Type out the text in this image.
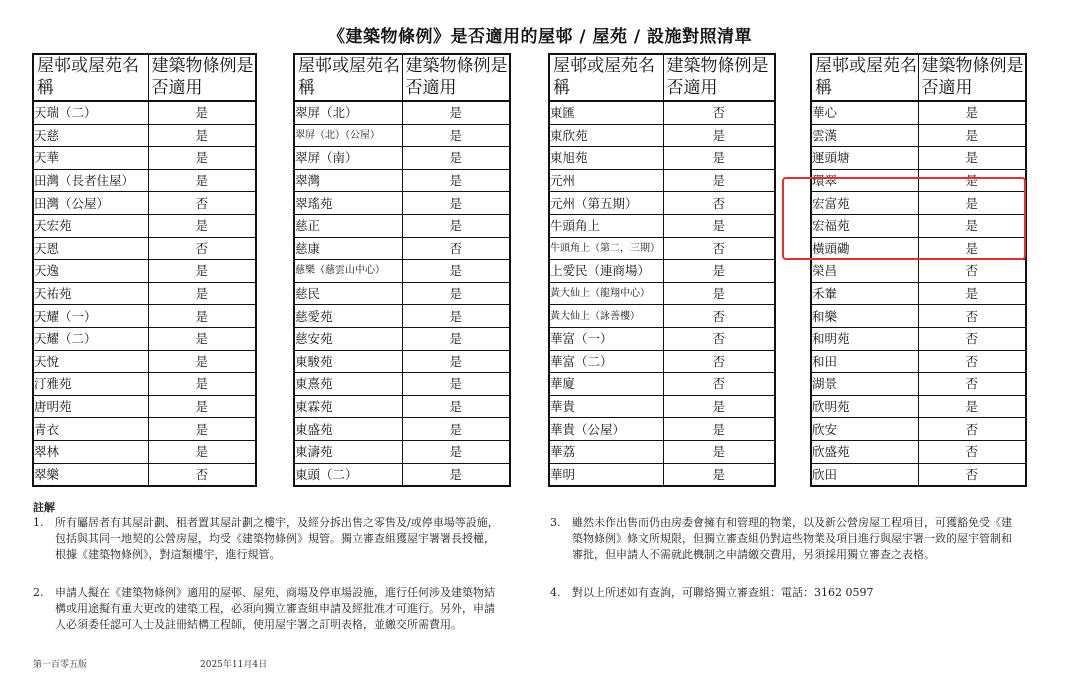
《建築物條例》是否適用的屋邨 / 屋苑 / 設施對照清單
屋邨或屋苑名稱	建築物條例是否適用
天瑞（二）	是
天慈	是
天華	是
田灣（長者住屋）	是
田灣（公屋）	否
天宏苑	是
天恩	否
天逸	是
天祐苑	是
天耀（一）	是
天耀（二）	是
天悅	是
汀雅苑	是
唐明苑	是
青衣	是
翠林	是
翠樂	否
屋邨或屋苑名稱	建築物條例是否適用
翠屏（北）	是
翠屏（北）（公屋）	是
翠屏（南）	是
翠灣	是
翠瑤苑	是
慈正	是
慈康	否
慈樂（慈雲山中心）	是
慈民	是
慈愛苑	是
慈安苑	是
東駿苑	是
東熹苑	是
東霖苑	是
東盛苑	是
東濤苑	是
東頭（二）	是
屋邨或屋苑名稱	建築物條例是否適用
東匯	否
東欣苑	是
東旭苑	是
元州	是
元州（第五期）	否
牛頭角上	是
牛頭角上（第二，三期）	否
上愛民（連商場）	是
黃大仙上（龍翔中心）	是
黃大仙上（詠善樓）	否
華富（一）	否
華富（二）	否
華廈	否
華貴	是
華貴（公屋）	是
華荔	是
華明	是
屋邨或屋苑名稱	建築物條例是否適用
華心	是
雲漢	是
運頭塘	是
環翠	是
宏富苑	是
宏福苑	是
橫頭磡	是
榮昌	否
禾輋	是
和樂	否
和明苑	否
和田	否
湖景	否
欣明苑	是
欣安	否
欣盛苑	否
欣田	否
註解
1. 所有屬居者有其屋計劃、租者置其屋計劃之樓宇，及經分拆出售之零售及/或停車場等設施，包括與其同一地契的公營房屋，均受《建築物條例》規管。獨立審查組獲屋宇署署長授權，根據《建築物條例》，對這類樓宇，進行規管。
2. 申請人擬在《建築物條例》適用的屋邨、屋苑、商場及停車場設施，進行任何涉及建築物結構或用途擬有重大更改的建築工程，必須向獨立審查組申請及經批准才可進行。另外，申請人必須委任認可人士及註冊結構工程師，使用屋宇署之訂明表格，並繳交所需費用。
3. 雖然未作出售而仍由房委會擁有和管理的物業，以及新公營房屋工程項目，可獲豁免受《建築物條例》條文所規限，但獨立審查組仍對這些物業及項目進行與屋宇署一致的屋宇管制和審批，但申請人不需就此機制之申請繳交費用，另須採用獨立審查之表格。
4. 對以上所述如有查詢，可聯絡獨立審查組：電話：3162 0597
第一百零五版	2025年11月4日
